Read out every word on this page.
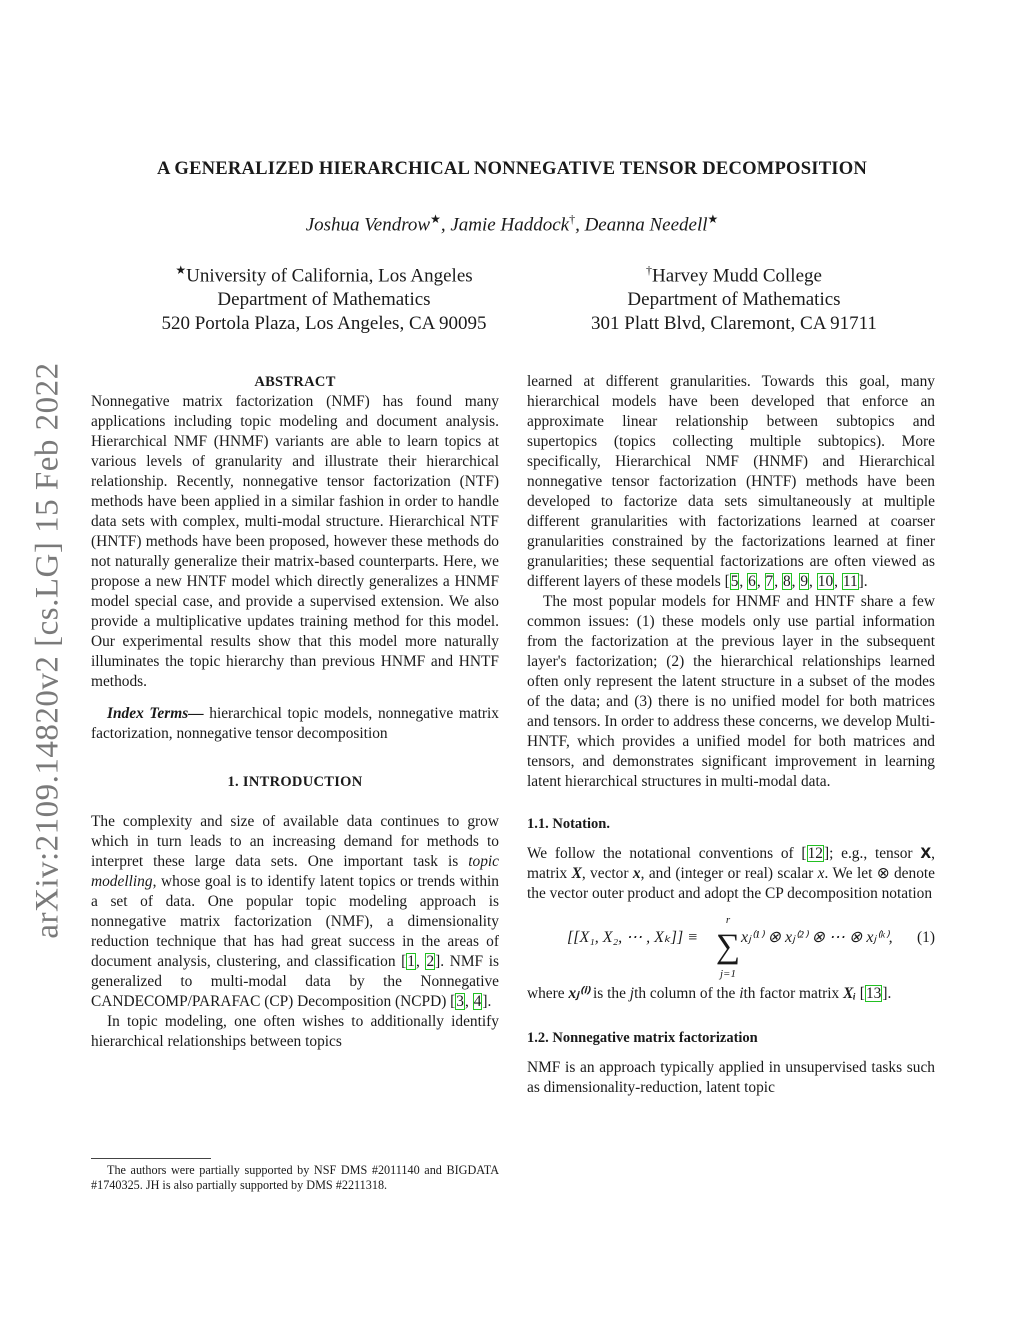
arXiv:2109.14820v2 [cs.LG] 15 Feb 2022
A GENERALIZED HIERARCHICAL NONNEGATIVE TENSOR DECOMPOSITION
Joshua Vendrow★, Jamie Haddock†, Deanna Needell★
★University of California, Los Angeles
Department of Mathematics
520 Portola Plaza, Los Angeles, CA 90095
†Harvey Mudd College
Department of Mathematics
301 Platt Blvd, Claremont, CA 91711

ABSTRACT

Nonnegative matrix factorization (NMF) has found many applications including topic modeling and document analysis. Hierarchical NMF (HNMF) variants are able to learn topics at various levels of granularity and illustrate their hierarchical relationship. Recently, nonnegative tensor factorization (NTF) methods have been applied in a similar fashion in order to handle data sets with complex, multi-modal structure. Hierarchical NTF (HNTF) methods have been proposed, however these methods do not naturally generalize their matrix-based counterparts. Here, we propose a new HNTF model which directly generalizes a HNMF model special case, and provide a supervised extension. We also provide a multiplicative updates training method for this model. Our experimental results show that this model more naturally illuminates the topic hierarchy than previous HNMF and HNTF methods.

Index Terms— hierarchical topic models, nonnegative matrix factorization, nonnegative tensor decomposition

1. INTRODUCTION

The complexity and size of available data continues to grow which in turn leads to an increasing demand for methods to interpret these large data sets. One important task is topic modelling, whose goal is to identify latent topics or trends within a set of data. One popular topic modeling approach is nonnegative matrix factorization (NMF), a dimensionality reduction technique that has had great success in the areas of document analysis, clustering, and classification [1, 2]. NMF is generalized to multi-modal data by the Nonnegative CANDECOMP/PARAFAC (CP) Decomposition (NCPD) [3, 4].

In topic modeling, one often wishes to additionally identify hierarchical relationships between topics

The authors were partially supported by NSF DMS #2011140 and BIGDATA #1740325. JH is also partially supported by DMS #2211318.

learned at different granularities. Towards this goal, many hierarchical models have been developed that enforce an approximate linear relationship between subtopics and supertopics (topics collecting multiple subtopics). More specifically, Hierarchical NMF (HNMF) and Hierarchical nonnegative tensor factorization (HNTF) methods have been developed to factorize data sets simultaneously at multiple different granularities with factorizations learned at coarser granularities constrained by the factorizations learned at finer granularities; these sequential factorizations are often viewed as different layers of these models [5, 6, 7, 8, 9, 10, 11].

The most popular models for HNMF and HNTF share a few common issues: (1) these models only use partial information from the factorization at the previous layer in the subsequent layer's factorization; (2) the hierarchical relationships learned often only represent the latent structure in a subset of the modes of the data; and (3) there is no unified model for both matrices and tensors. In order to address these concerns, we develop Multi-HNTF, which provides a unified model for both matrices and tensors, and demonstrates significant improvement in learning latent hierarchical structures in multi-modal data.

1.1. Notation.

We follow the notational conventions of [12]; e.g., tensor X, matrix X, vector x, and (integer or real) scalar x. We let ⊗ denote the vector outer product and adopt the CP decomposition notation

[[X₁, X₂, ⋯ , Xₖ]] ≡
r
∑
j=1
xⱼ⁽¹⁾ ⊗ xⱼ⁽²⁾ ⊗ ⋯ ⊗ xⱼ⁽ᵏ⁾, (1)

where xⱼ⁽ⁱ⁾ is the jth column of the ith factor matrix Xᵢ [13].

1.2. Nonnegative matrix factorization

NMF is an approach typically applied in unsupervised tasks such as dimensionality-reduction, latent topic
